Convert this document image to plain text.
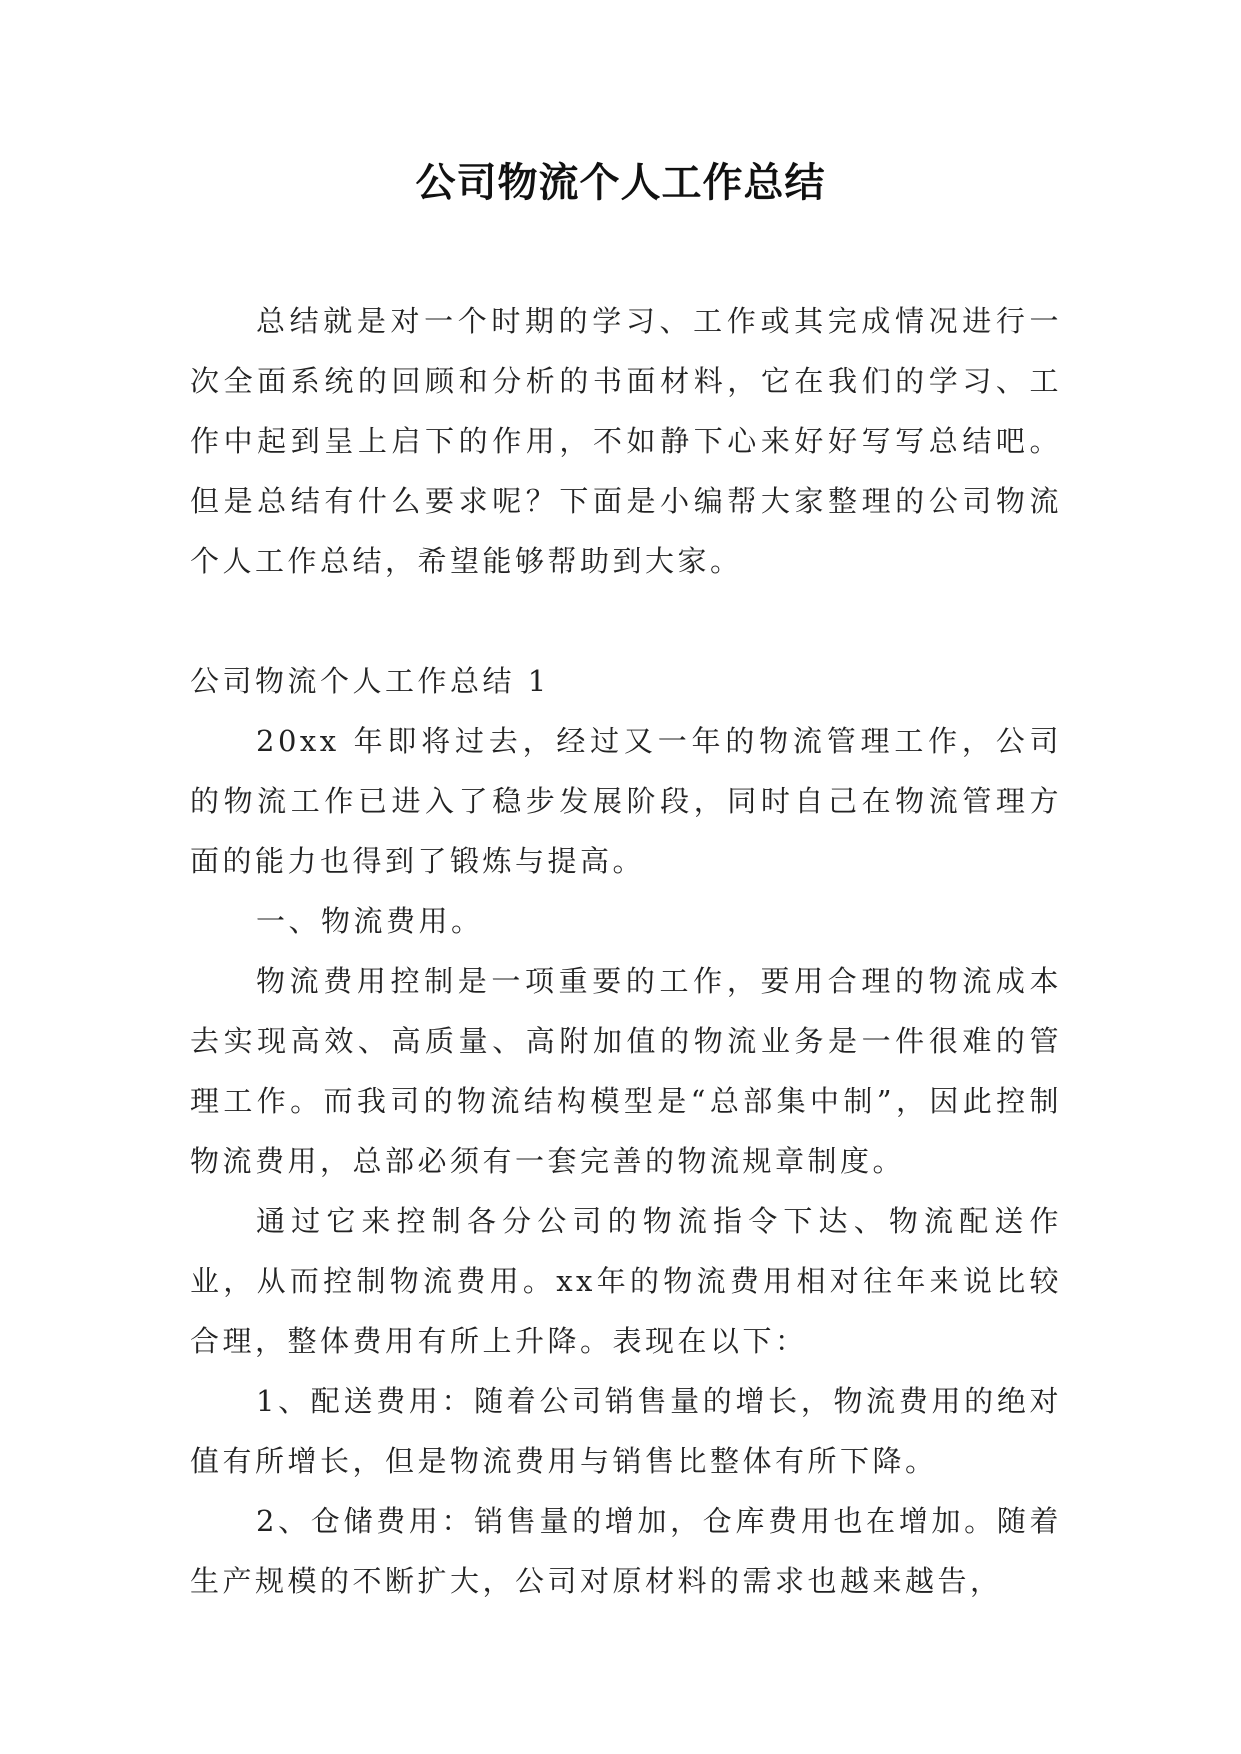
公司物流个人工作总结

总结就是对一个时期的学习、工作或其完成情况进行一次全面系统的回顾和分析的书面材料，它在我们的学习、工作中起到呈上启下的作用，不如静下心来好好写写总结吧。但是总结有什么要求呢？下面是小编帮大家整理的公司物流个人工作总结，希望能够帮助到大家。

公司物流个人工作总结 1

20xx 年即将过去，经过又一年的物流管理工作，公司的物流工作已进入了稳步发展阶段，同时自己在物流管理方面的能力也得到了锻炼与提高。

一、物流费用。

物流费用控制是一项重要的工作，要用合理的物流成本去实现高效、高质量、高附加值的物流业务是一件很难的管理工作。而我司的物流结构模型是“总部集中制”，因此控制物流费用，总部必须有一套完善的物流规章制度。

通过它来控制各分公司的物流指令下达、物流配送作业，从而控制物流费用。xx年的物流费用相对往年来说比较合理，整体费用有所上升降。表现在以下：

1、配送费用：随着公司销售量的增长，物流费用的绝对值有所增长，但是物流费用与销售比整体有所下降。

2、仓储费用：销售量的增加，仓库费用也在增加。随着生产规模的不断扩大，公司对原材料的需求也越来越告，
